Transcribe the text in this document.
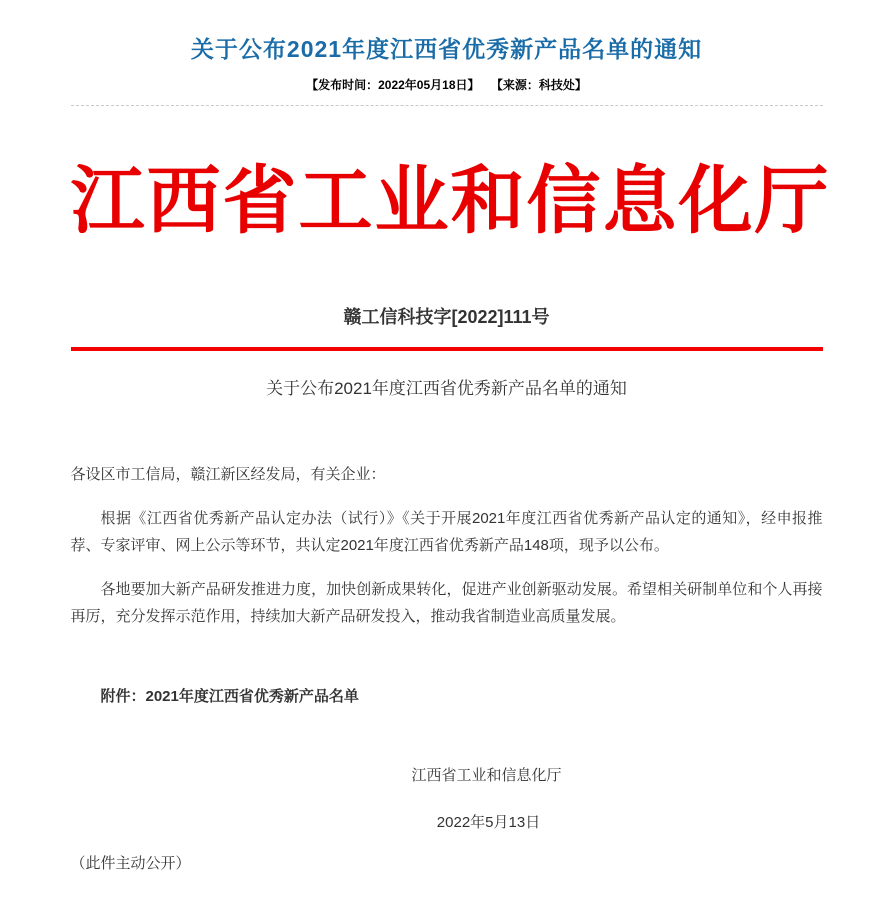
关于公布2021年度江西省优秀新产品名单的通知
【发布时间：2022年05月18日】 【来源：科技处】
江西省工业和信息化厅
赣工信科技字[2022]111号
关于公布2021年度江西省优秀新产品名单的通知

各设区市工信局，赣江新区经发局，有关企业：

根据《江西省优秀新产品认定办法（试行）》《关于开展2021年度江西省优秀新产品认定的通知》，经申报推荐、专家评审、网上公示等环节，共认定2021年度江西省优秀新产品148项，现予以公布。

各地要加大新产品研发推进力度，加快创新成果转化，促进产业创新驱动发展。希望相关研制单位和个人再接再厉，充分发挥示范作用，持续加大新产品研发投入，推动我省制造业高质量发展。

附件：2021年度江西省优秀新产品名单

江西省工业和信息化厅

2022年5月13日

（此件主动公开）
